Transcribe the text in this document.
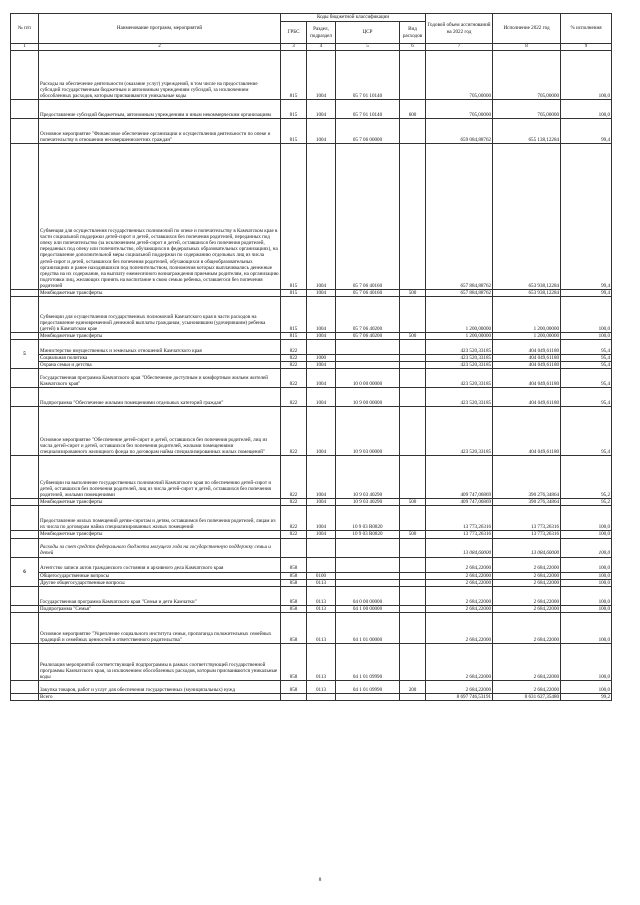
№ п/п	Наименование программ, мероприятий	Коды бюджетной классификации				Годовой объем ассигнований на 2022 год	Исполнение 2022 год	% исполнения
		ГРБС	Раздел, подраздел	ЦСР	Вид расходов			
1	2	3	4	5	6	7	8	9
	Расходы на обеспечение деятельности (оказание услуг) учреждений, в том числе на предоставление субсидий государственным бюджетным и автономным учреждениям субсидий, за исключением обособленных расходов, которым присваиваются уникальные коды	815	1004	05 7 01 10140		705,00000	705,00000	100,0
	Предоставление субсидий бюджетным, автономным учреждениям и иным некоммерческим организациям	815	1004	05 7 01 10140	600	705,00000	705,00000	100,0
	Основное мероприятие "Финансовое обеспечение организации и осуществления деятельности по опеке и попечительству в отношении несовершеннолетних граждан"	815	1004	05 7 06 00000		659 084,88762	655 138,12284	99,4
	Субвенция для осуществления государственных полномочий по опеке и попечительству в Камчатском крае в части социальной поддержки детей-сирот и детей, оставшихся без попечения родителей, переданных под опеку или попечительство (за исключением детей-сирот и детей, оставшихся без попечения родителей, переданных под опеку или попечительство, обучающихся в федеральных образовательных организациях), на предоставление дополнительной меры социальной поддержки по содержанию отдельных лиц из числа детей-сирот и детей, оставшихся без попечения родителей, обучающихся в общеобразовательных организациях и ранее находившихся под попечительством, полномочия которых выплачивались денежные средства на их содержание, на выплату ежемесячного вознаграждения приемным родителям, на организацию подготовки лиц, желающих принять на воспитание в свою семью ребенка, оставшегося без попечения родителей	815	1004	05 7 06 40160		657 884,88762	653 938,12284	99,4
	Межбюджетные трансферты	815	1004	05 7 06 40160	500	657 884,88762	653 938,12284	99,4
	Субвенции для осуществления государственных полномочий Камчатского края в части расходов на предоставление единовременной денежной выплаты гражданам, усыновившим (удочерившим) ребенка (детей) в Камчатском крае	815	1004	05 7 06 40200		1 200,00000	1 200,00000	100,0
	Межбюджетные трансферты	815	1004	05 7 06 40200	500	1 200,00000	1 200,00000	100,0
5	Министерство имущественных и земельных отношений Камчатского края	822				423 520,33185	404 049,61180	95,4
	Социальная политика	822	1000			423 520,33185	404 049,61180	95,4
	Охрана семьи и детства	822	1004			423 520,33185	404 049,61180	95,4
	Государственная программа Камчатского края "Обеспечение доступным и комфортным жильем жителей Камчатского края"	822	1004	10 0 00 00000		423 520,33185	404 049,61180	95,4
	Подпрограмма "Обеспечение жилыми помещениями отдельных категорий граждан"	822	1004	10 9 00 00000		423 520,33185	404 049,61180	95,4
	Основное мероприятие "Обеспечение детей-сирот и детей, оставшихся без попечения родителей, лиц из числа детей-сирот и детей, оставшихся без попечения родителей, жилыми помещениями специализированного жилищного фонда по договорам найма специализированных жилых помещений"	822	1004	10 9 03 00000		423 520,33185	404 049,61180	95,4
	Субвенции на выполнение государственных полномочий Камчатского края по обеспечению детей-сирот и детей, оставшихся без попечения родителей, лиц из числа детей-сирот и детей, оставшихся без попечения родителей, жилыми помещениями	822	1004	10 9 03 40290		409 747,06869	390 276,34864	95,2
	Межбюджетные трансферты	822	1004	10 9 03 40290	500	409 747,06869	390 276,34864	95,2
	Предоставление жилых помещений детям-сиротам и детям, оставшимся без попечения родителей, лицам из их числа по договорам найма специализированных жилых помещений	822	1004	10 9 03 R0820		13 773,26316	13 773,26316	100,0
	Межбюджетные трансферты	822	1004	10 9 03 R0820	500	13 773,26316	13 773,26316	100,0
	Расходы за счет средств федерального бюджета могущего года на государственную поддержку семьи и детей					13 084,60000	13 084,60000	100,0
6	Агентство записи актов гражданского состояния и архивного дела Камчатского края	858				2 684,22000	2 684,22000	100,0
	Общегосударственные вопросы	858	0100			2 684,22000	2 684,22000	100,0
	Другие общегосударственные вопросы	858	0113			2 684,22000	2 684,22000	100,0
	Государственная программа Камчатского края "Семья и дети Камчатки"	858	0113	04 0 00 00000		2 684,22000	2 684,22000	100,0
	Подпрограмма "Семья"	858	0113	04 1 00 00000		2 684,22000	2 684,22000	100,0
	Основное мероприятие "Укрепление социального института семьи, пропаганда положительных семейных традиций и семейных ценностей и ответственного родительства"	858	0113	04 1 01 00000		2 684,22000	2 684,22000	100,0
	Реализация мероприятий соответствующей подпрограммы в рамках соответствующей государственной программы Камчатского края, за исключением обособленных расходов, которым присваиваются уникальные коды	858	0113	04 1 01 09990		2 684,22000	2 684,22000	100,0
	Закупка товаров, работ и услуг для обеспечения государственных (муниципальных) нужд	858	0113	04 1 01 09990	200	2 684,22000	2 684,22000	100,0
	Всего					8 697 746,53191	8 631 627,35480	99,2
8
